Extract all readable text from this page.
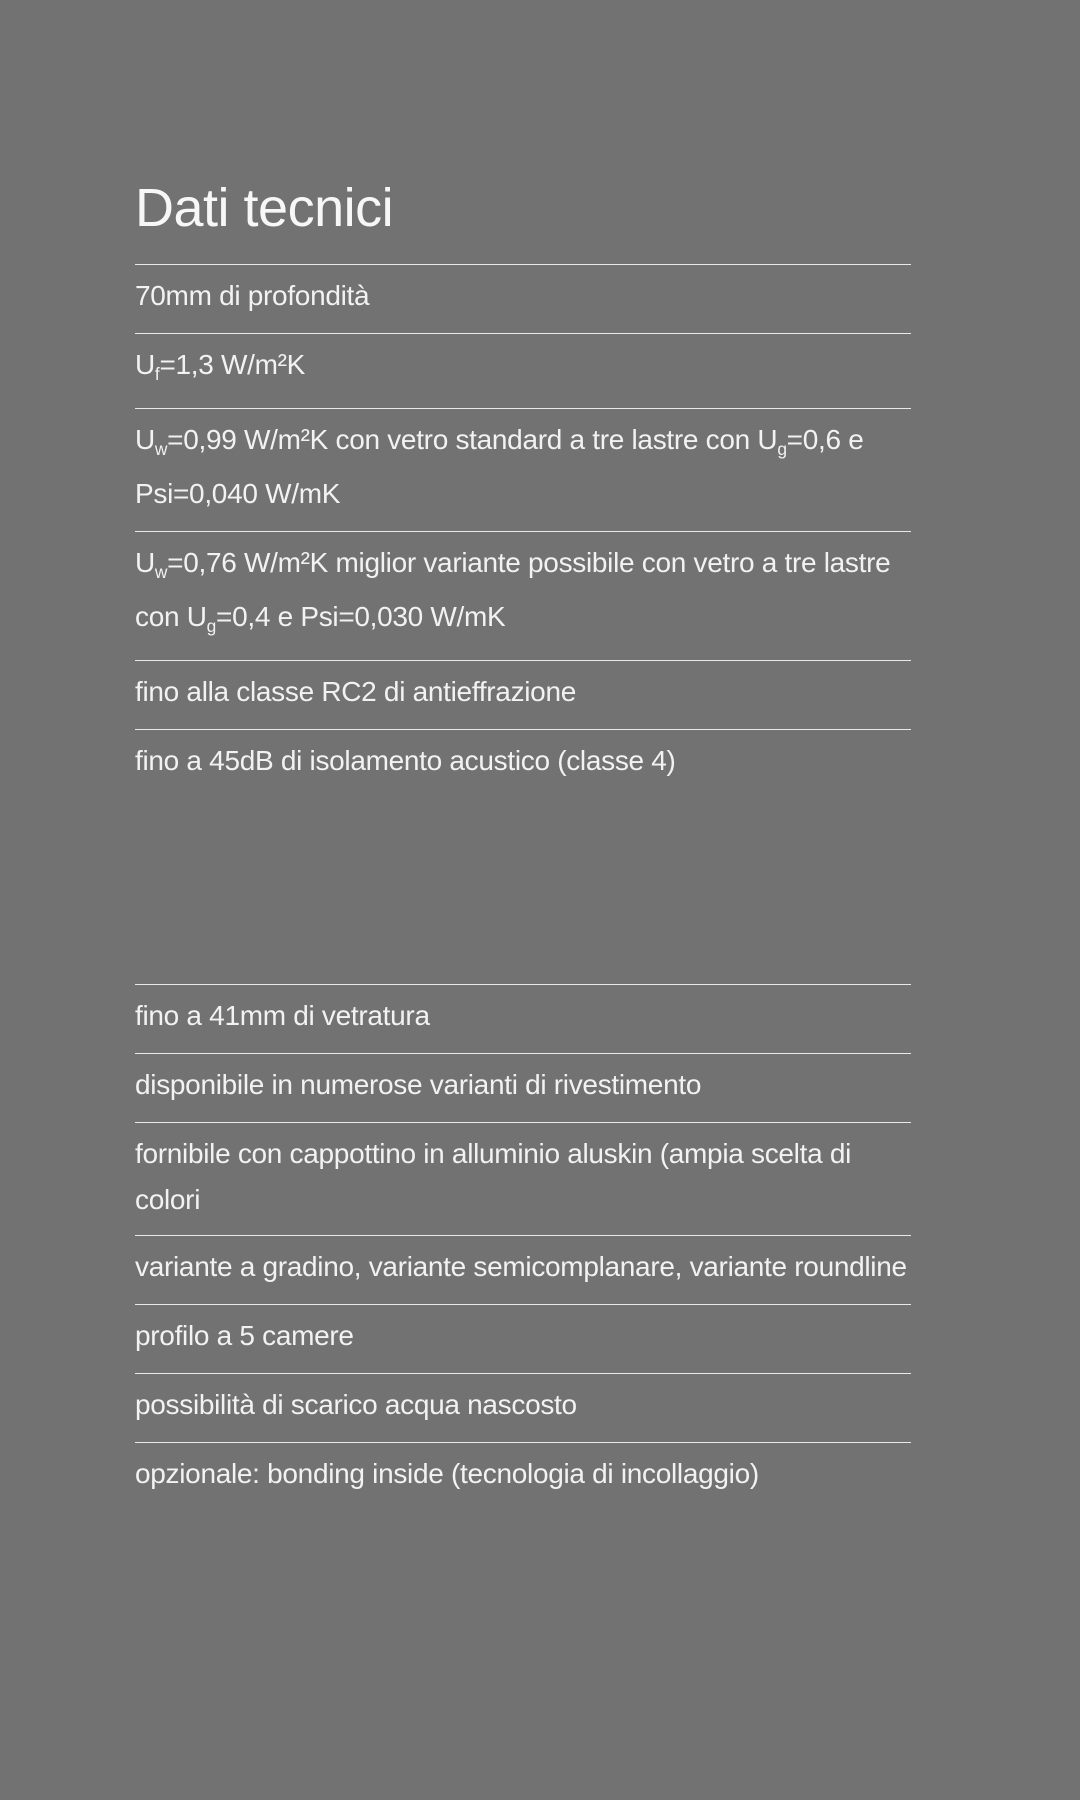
Dati tecnici
70mm di profondità
$U_f=1,3$ W/m²K
$U_w=0,99$ W/m²K con vetro standard a tre lastre con $U_g=0,6$ e Psi=0,040 W/mK
$U_w=0,76$ W/m²K miglior variante possibile con vetro a tre lastre con $U_g=0,4$ e Psi=0,030 W/mK
fino alla classe RC2 di antieffrazione
fino a 45dB di isolamento acustico (classe 4)
fino a 41mm di vetratura
disponibile in numerose varianti di rivestimento
fornibile con cappottino in alluminio aluskin (ampia scelta di colori
variante a gradino, variante semicomplanare, variante roundline
profilo a 5 camere
possibilità di scarico acqua nascosto
opzionale: bonding inside (tecnologia di incollaggio)
